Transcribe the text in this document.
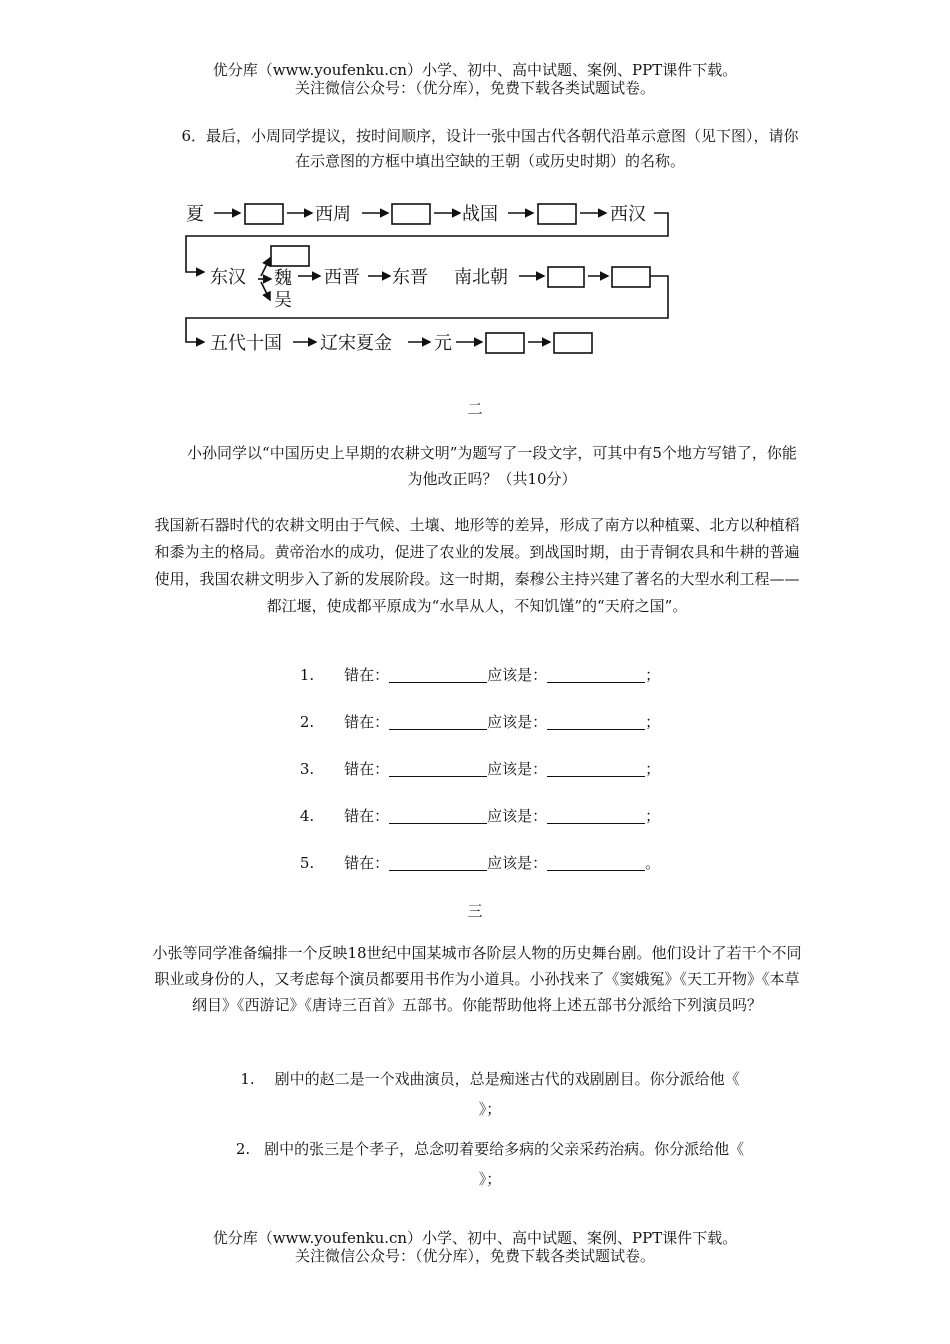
优分库（www.youfenku.cn）小学、初中、高中试题、案例、PPT课件下载。
关注微信公众号：（优分库），免费下载各类试题试卷。
6．最后，小周同学提议，按时间顺序，设计一张中国古代各朝代沿革示意图（见下图），请你在示意图的方框中填出空缺的王朝（或历史时期）的名称。
夏	西周	战国	西汉
东汉 魏
吴
西晋 东晋 南北朝
五代十国 辽宋夏金 元
二
小孙同学以“中国历史上早期的农耕文明”为题写了一段文字，可其中有5个地方写错了，你能为他改正吗？（共10分）
我国新石器时代的农耕文明由于气候、土壤、地形等的差异，形成了南方以种植粟、北方以种植稻和黍为主的格局。黄帝治水的成功，促进了农业的发展。到战国时期，由于青铜农具和牛耕的普遍使用，我国农耕文明步入了新的发展阶段。这一时期，秦穆公主持兴建了著名的大型水利工程——都江堰，使成都平原成为“水旱从人，不知饥馑”的“天府之国”。
1. 错在：	应该是：	；
2. 错在：	应该是：	；
3. 错在：	应该是：	；
4. 错在：	应该是：	；
5. 错在：	应该是：	。
三
小张等同学准备编排一个反映18世纪中国某城市各阶层人物的历史舞台剧。他们设计了若干个不同职业或身份的人，又考虑每个演员都要用书作为小道具。小孙找来了《窦娥冤》《天工开物》《本草纲目》《西游记》《唐诗三百首》五部书。你能帮助他将上述五部书分派给下列演员吗？
1. 剧中的赵二是一个戏曲演员，总是痴迷古代的戏剧剧目。你分派给他《
》；
2. 剧中的张三是个孝子，总念叨着要给多病的父亲采药治病。你分派给他《
》；
优分库（www.youfenku.cn）小学、初中、高中试题、案例、PPT课件下载。
关注微信公众号：（优分库），免费下载各类试题试卷。
